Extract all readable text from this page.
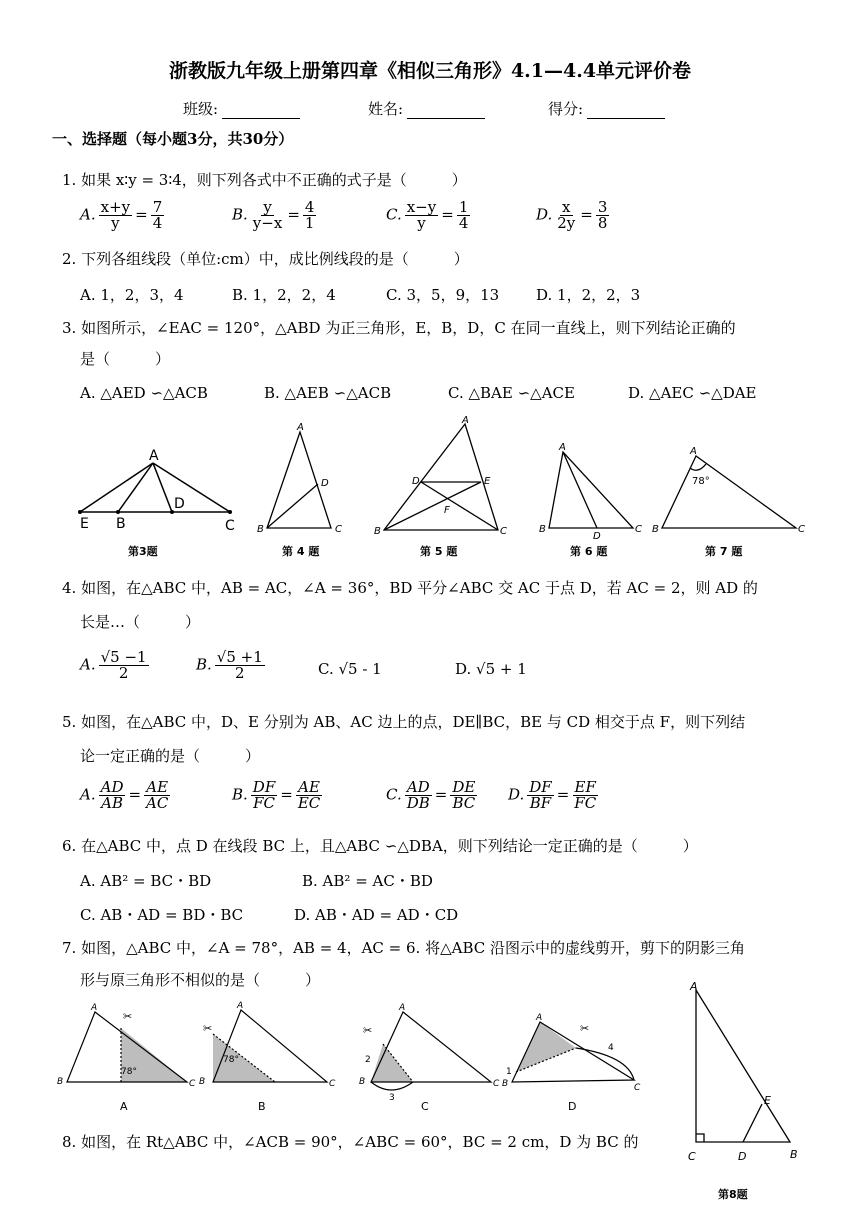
浙教版九年级上册第四章《相似三角形》4.1—4.4单元评价卷
班级:	姓名:	得分:
一、选择题（每小题3分，共30分）
1. 如果 x∶y = 3∶4，则下列各式中不正确的式子是（　　　）
A. $\frac{x+y}{y} = \frac{7}{4}$	B. $\frac{y}{y-x} = \frac{4}{1}$	C. $\frac{x-y}{y} = \frac{1}{4}$	D. $\frac{x}{2y} = \frac{3}{8}$
2. 下列各组线段（单位:cm）中，成比例线段的是（　　　）
A. 1，2，3，4	B. 1，2，2，4	C. 3，5，9，13 D. 1，2，2，3
3. 如图所示，∠EAC = 120°，△ABD 为正三角形，E，B，D，C 在同一直线上，则下列结论正确的
是（　　　）
A. △AED ∽△ACB	B. △AEB ∽△ACB	C. △BAE ∽△ACE	D. △AEC ∽△DAE
A
E B
D
C
第3题
A
B	C
D
第 4 题
A
B	C
D	E
F
第 5 题
A
B	C
D
第 6 题
A
B	C
78°
第 7 题
4. 如图，在△ABC 中，AB = AC，∠A = 36°，BD 平分∠ABC 交 AC 于点 D，若 AC = 2，则 AD 的
长是…（　　　）
A. $\frac{√5 -1}{2}$	B. $\frac{√5 +1}{2}$	C. √5 - 1	D. √5 + 1
5. 如图，在△ABC 中，D、E 分别为 AB、AC 边上的点，DE∥BC，BE 与 CD 相交于点 F，则下列结
论一定正确的是（　　　）
A. $\frac{AD}{AB} = \frac{AE}{AC}$	B. $\frac{DF}{FC} = \frac{AE}{EC}$	C. $\frac{AD}{DB} = \frac{DE}{BC} D$. $\frac{DF}{BF} = \frac{EF}{FC}$
6. 在△ABC 中，点 D 在线段 BC 上，且△ABC ∽△DBA，则下列结论一定正确的是（　　　）
A. AB² = BC・BD	B. AB² = AC・BD
C. AB・AD = BD・BC	D. AB・AD = AD・CD
7. 如图，△ABC 中，∠A = 78°，AB = 4，AC = 6. 将△ABC 沿图示中的虚线剪开，剪下的阴影三角
形与原三角形不相似的是（　　　）
✂
78°
A
B	C
A
✂
78°
A
B	C
B
✂
2
3
A
B	C
C
✂
1
4
A
B	C
D
8. 如图，在 Rt△ABC 中，∠ACB = 90°，∠ABC = 60°，BC = 2 cm，D 为 BC 的
A
C	D	B
E
第8题
